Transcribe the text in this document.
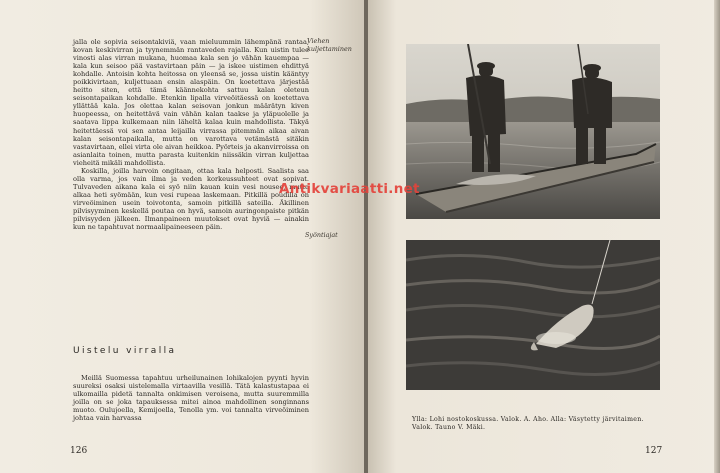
jalla ole sopivia seisontakiviä, vaan mieluummin lähempänä rantaa, kovan keskivirran ja tyynemmän rantaveden rajalla. Kun uistin tulee vinosti alas virran mukana, huomaa kala sen jo vähän kauempaa — kala kun seisoo pää vastavirtaan päin — ja iskee uistimen ehdittyä kohdalle. Antoisin kohta heitossa on yleensä se, jossa uistin kääntyy poikkivirtaan, kuljettuaan ensin alaspäin. On koetettava järjestää heitto siten, että tämä käännekohta sattuu kalan oleteun seisontapaikan kohdalle. Etenkin lipalla virveöitäessä on koetettava yllättää kala. Jos olettaa kalan seisovan jonkun määrätyn kiven huopeessa, on heitettävä vain vähän kalan taakse ja yläpuolelle ja saatava lippa kulkemaan niin läheltä kalaa kuin mahdollista. Täkyä heitettäessä voi sen antaa leijailla virrassa pitemmän aikaa aivan kalan seisontapaikalla, mutta on varottava vetämästä sitäkin vastavirtaan, ellei virta ole aivan heikkoa. Pyörteis ja akanvirroissa on asianlaita toinen, mutta parasta kuitenkin niissäkin virran kuljettaa vieheitä mikäli mahdollista.

Koskilla, joilla harvoin ongitaan, ottaa kala helposti. Saalista saa olla varma, jos vain ilma ja veden korkeussuhteet ovat sopivat. Tulvaveden aikana kala ei syö niin kauan kuin vesi nousee, mutta alkaa heti syömään, kun vesi rupeaa laskemaan. Pitkillä poudilla on virveöiminen usein toivotonta, samoin pitkillä sateilla. Äkillinen pilvisyyminen keskellä poutaa on hyvä, samoin auringonpaiste pitkän pilvisyyden jälkeen. Ilmanpaineen muutokset ovat hyviä — ainakin kun ne tapahtuvat normaalipaineeseen päin.

Viehen kuljettaminen
Syöntiajat
Uistelu virralla

Meillä Suomessa tapahtuu urheilunainen lohikalojen pyynti hyvin suureksi osaksi uistelemalla virtaavilla vesillä. Tätä kalastustapaa ei ulkomailla pidetä tannalta onkimisen veroisena, mutta suuremmilla joilla on se joka tapauksessa mitei ainoa mahdollinen songinnans muoto. Oulujoella, Kemijoella, Tenolla ym. voi tannalta virveöiminen johtaa vain harvassa

126
Ylla: Lohi nostokoskussa. Valok. A. Aho. Alla: Väsytetty järvitaimen. Valok. Tauno V. Mäki.
127
Antikvariaatti.net
